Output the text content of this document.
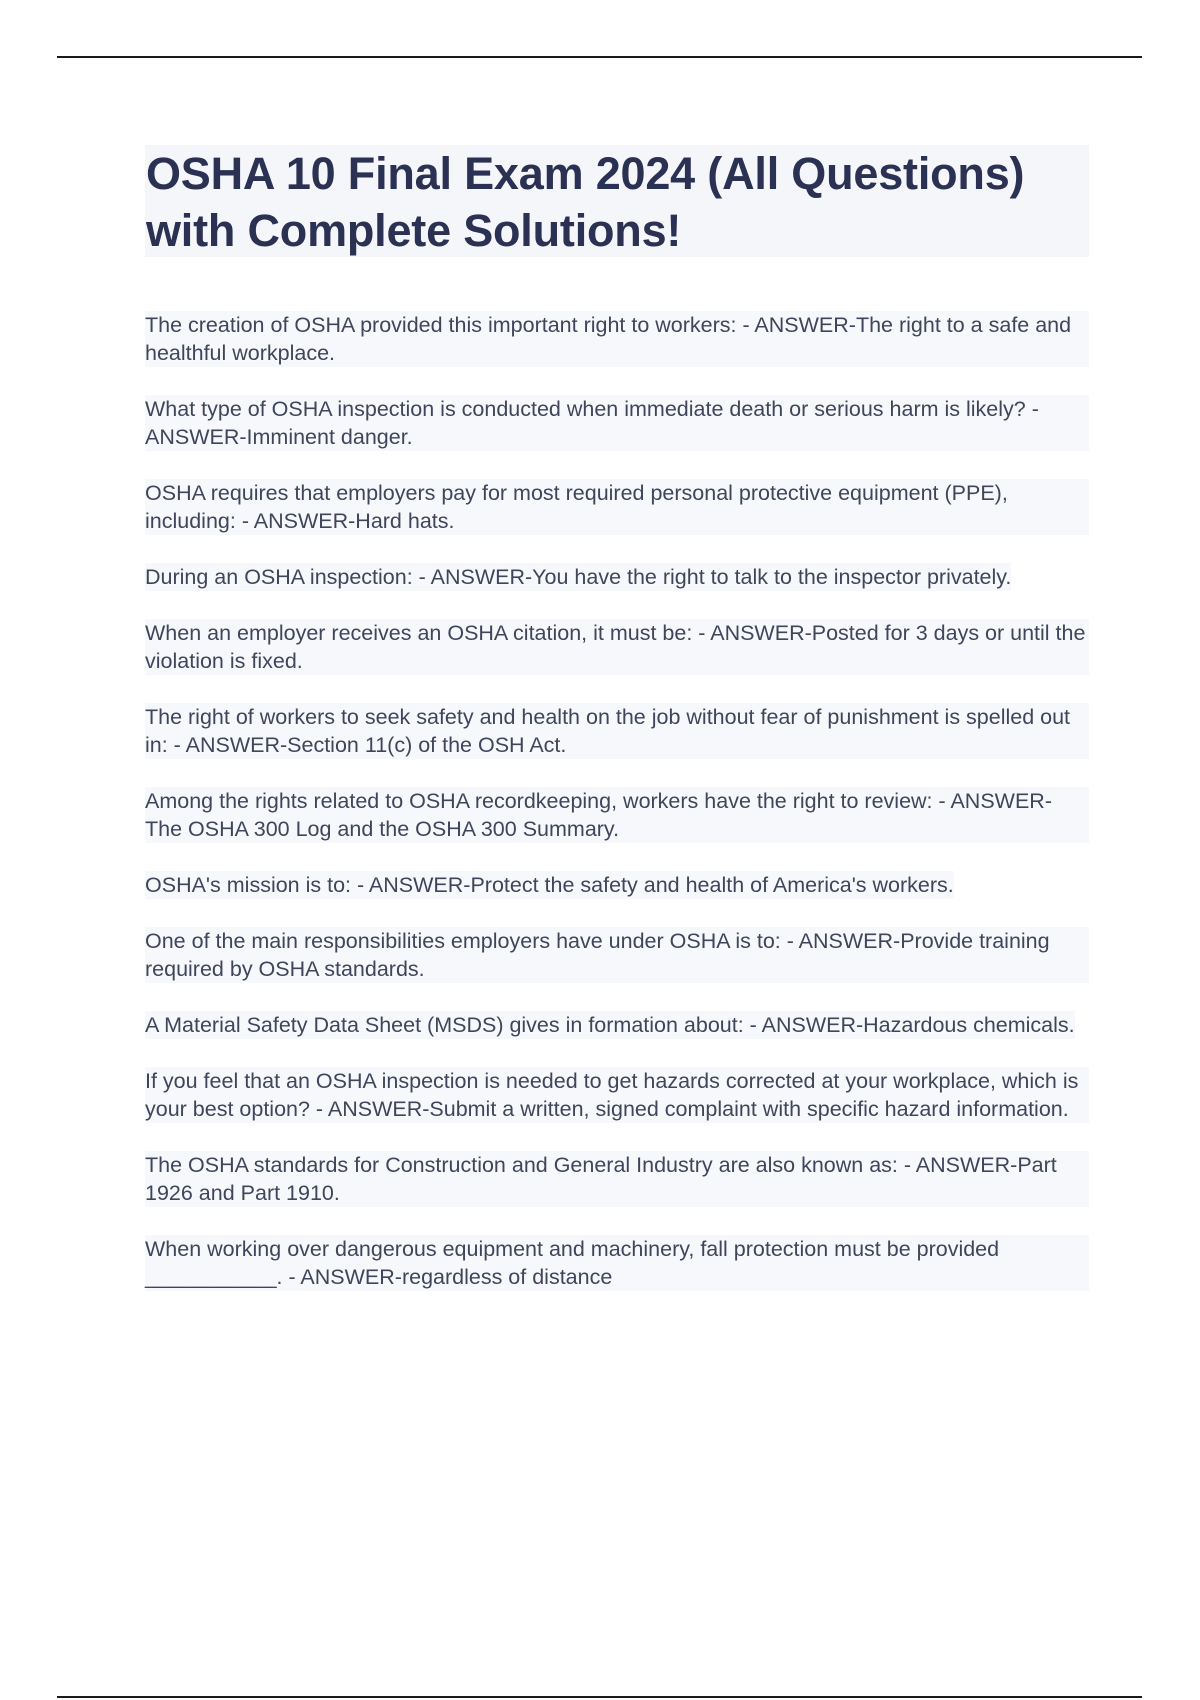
OSHA 10 Final Exam 2024 (All Questions) with Complete Solutions!

The creation of OSHA provided this important right to workers: - ANSWER-The right to a safe and healthful workplace.

What type of OSHA inspection is conducted when immediate death or serious harm is likely? - ANSWER-Imminent danger.

OSHA requires that employers pay for most required personal protective equipment (PPE), including: - ANSWER-Hard hats.

During an OSHA inspection: - ANSWER-You have the right to talk to the inspector privately.

When an employer receives an OSHA citation, it must be: - ANSWER-Posted for 3 days or until the violation is fixed.

The right of workers to seek safety and health on the job without fear of punishment is spelled out in: - ANSWER-Section 11(c) of the OSH Act.

Among the rights related to OSHA recordkeeping, workers have the right to review: - ANSWER-The OSHA 300 Log and the OSHA 300 Summary.

OSHA's mission is to: - ANSWER-Protect the safety and health of America's workers.

One of the main responsibilities employers have under OSHA is to: - ANSWER-Provide training required by OSHA standards.

A Material Safety Data Sheet (MSDS) gives in formation about: - ANSWER-Hazardous chemicals.

If you feel that an OSHA inspection is needed to get hazards corrected at your workplace, which is your best option? - ANSWER-Submit a written, signed complaint with specific hazard information.

The OSHA standards for Construction and General Industry are also known as: - ANSWER-Part 1926 and Part 1910.

When working over dangerous equipment and machinery, fall protection must be provided ___________. - ANSWER-regardless of distance
